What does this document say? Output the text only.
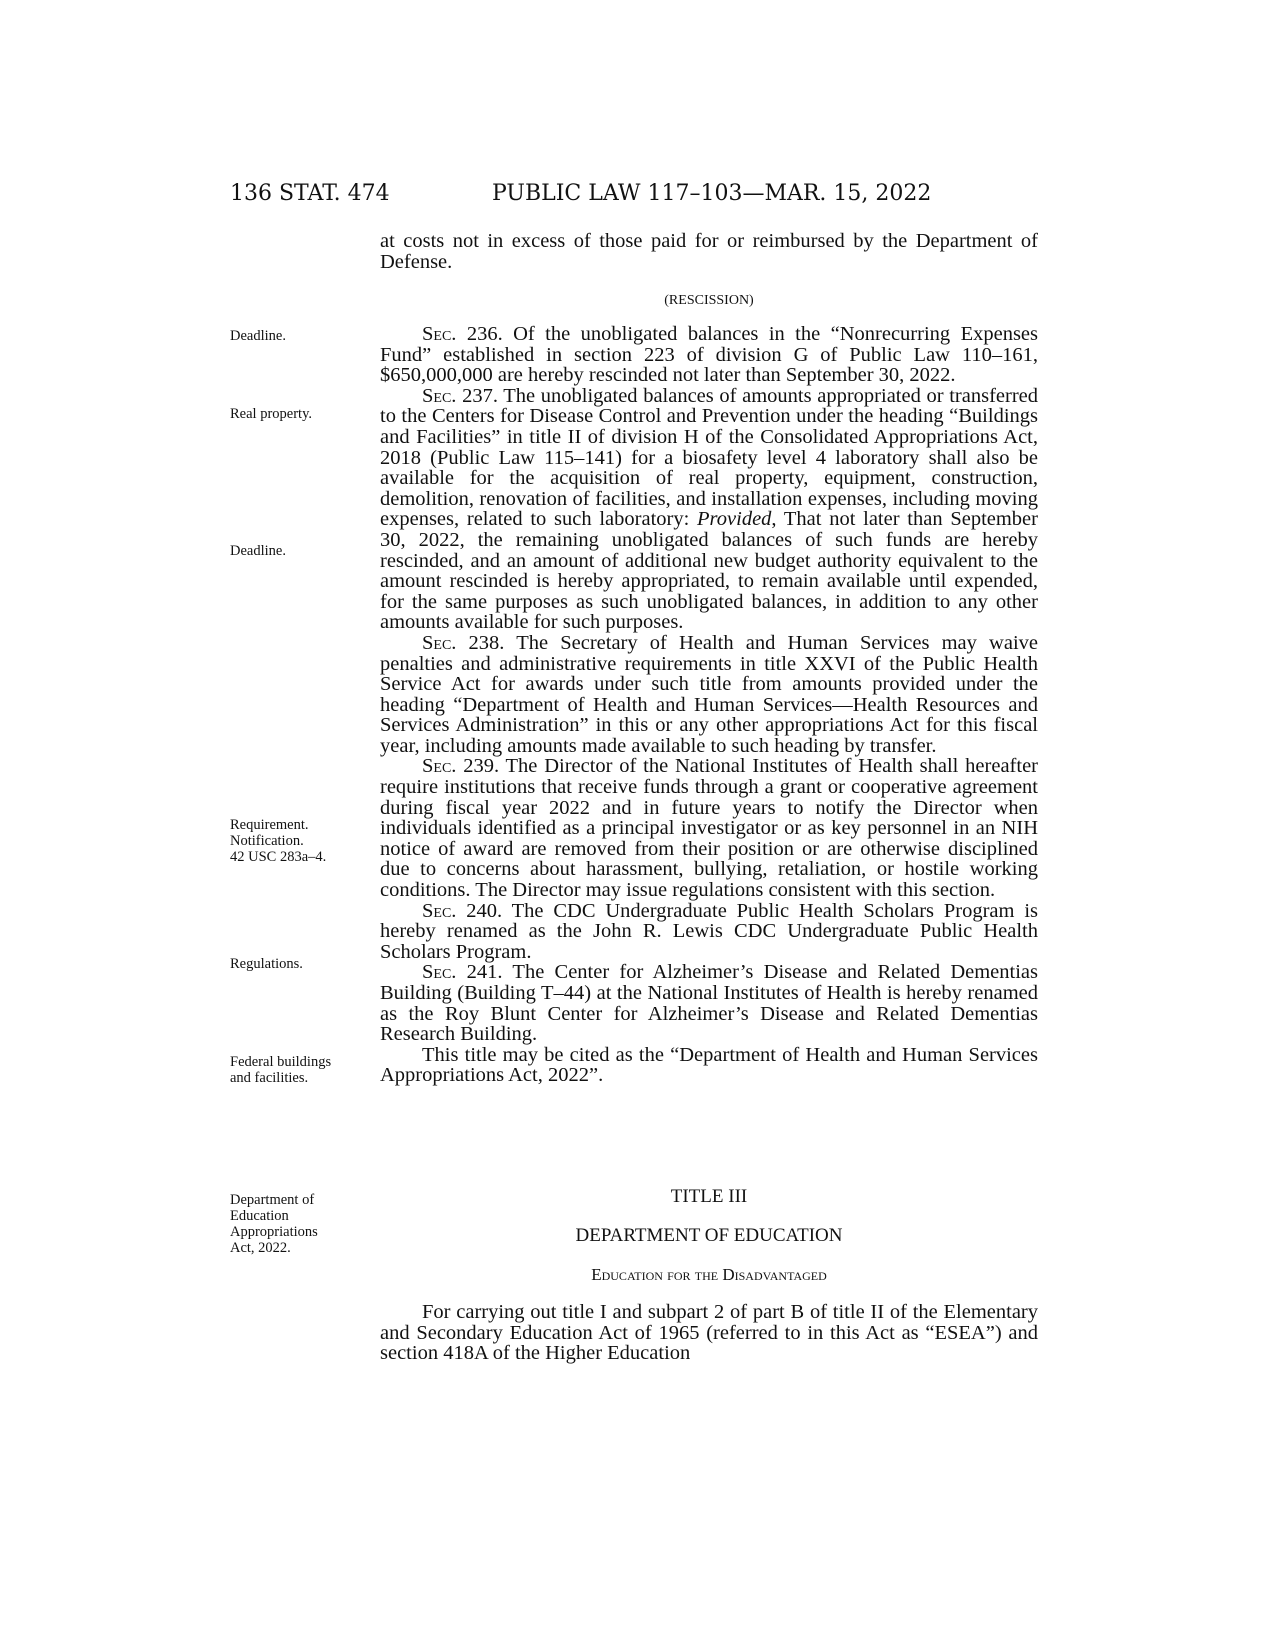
136 STAT. 474	PUBLIC LAW 117–103—MAR. 15, 2022
Deadline.
Real property.
Deadline.
Requirement.
Notification.
42 USC 283a–4.
Regulations.
Federal buildings
and facilities.
Department of
Education
Appropriations
Act, 2022.

at costs not in excess of those paid for or reimbursed by the Department of Defense.

(RESCISSION)

Sec. 236. Of the unobligated balances in the “Nonrecurring Expenses Fund” established in section 223 of division G of Public Law 110–161, $650,000,000 are hereby rescinded not later than September 30, 2022.

Sec. 237. The unobligated balances of amounts appropriated or transferred to the Centers for Disease Control and Prevention under the heading “Buildings and Facilities” in title II of division H of the Consolidated Appropriations Act, 2018 (Public Law 115–141) for a biosafety level 4 laboratory shall also be available for the acquisition of real property, equipment, construction, demolition, renovation of facilities, and installation expenses, including moving expenses, related to such laboratory: Provided, That not later than September 30, 2022, the remaining unobligated balances of such funds are hereby rescinded, and an amount of additional new budget authority equivalent to the amount rescinded is hereby appropriated, to remain available until expended, for the same purposes as such unobligated balances, in addition to any other amounts available for such purposes.

Sec. 238. The Secretary of Health and Human Services may waive penalties and administrative requirements in title XXVI of the Public Health Service Act for awards under such title from amounts provided under the heading “Department of Health and Human Services—Health Resources and Services Administration” in this or any other appropriations Act for this fiscal year, including amounts made available to such heading by transfer.

Sec. 239. The Director of the National Institutes of Health shall hereafter require institutions that receive funds through a grant or cooperative agreement during fiscal year 2022 and in future years to notify the Director when individuals identified as a principal investigator or as key personnel in an NIH notice of award are removed from their position or are otherwise disciplined due to concerns about harassment, bullying, retaliation, or hostile working conditions. The Director may issue regulations consistent with this section.

Sec. 240. The CDC Undergraduate Public Health Scholars Program is hereby renamed as the John R. Lewis CDC Undergraduate Public Health Scholars Program.

Sec. 241. The Center for Alzheimer’s Disease and Related Dementias Building (Building T–44) at the National Institutes of Health is hereby renamed as the Roy Blunt Center for Alzheimer’s Disease and Related Dementias Research Building.

This title may be cited as the “Department of Health and Human Services Appropriations Act, 2022”.

TITLE III
DEPARTMENT OF EDUCATION
Education for the Disadvantaged

For carrying out title I and subpart 2 of part B of title II of the Elementary and Secondary Education Act of 1965 (referred to in this Act as “ESEA”) and section 418A of the Higher Education
